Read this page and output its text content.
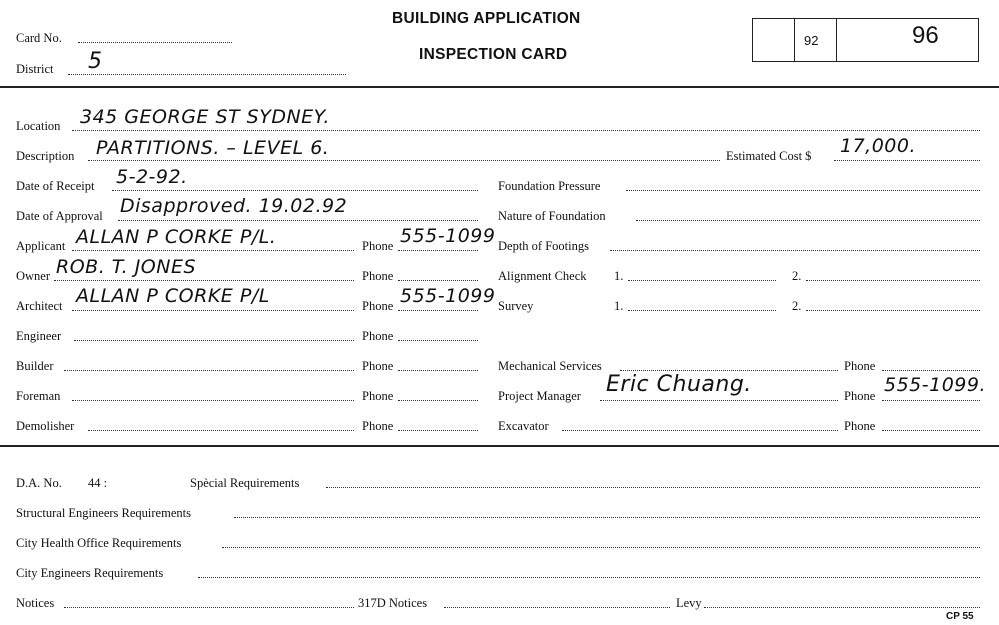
Card No.
District 5
BUILDING APPLICATION
INSPECTION CARD
92	96
Location 345 GEORGE ST SYDNEY.
Description PARTITIONS. – LEVEL 6.	Estimated Cost $ 17,000.
Date of Receipt 5-2-92.	Foundation Pressure
Date of Approval Disapproved. 19.02.92	Nature of Foundation
Applicant ALLAN P CORKE P/L.	Phone 555-1099 Depth of Footings
Owner ROB. T. JONES	Phone	Alignment Check 1.	2.
Architect ALLAN P CORKE P/L	Phone 555-1099 Survey	1.	2.
Engineer	Phone
Builder	Phone	Mechanical Services	Phone
Foreman	Phone	Project Manager Eric Chuang.	Phone 555-1099.
Demolisher	Phone	Excavator	Phone
D.A. No. 44 :	Spècial Requirements
Structural Engineers Requirements
City Health Office Requirements
City Engineers Requirements
Notices	317D Notices	Levy
CP 55
